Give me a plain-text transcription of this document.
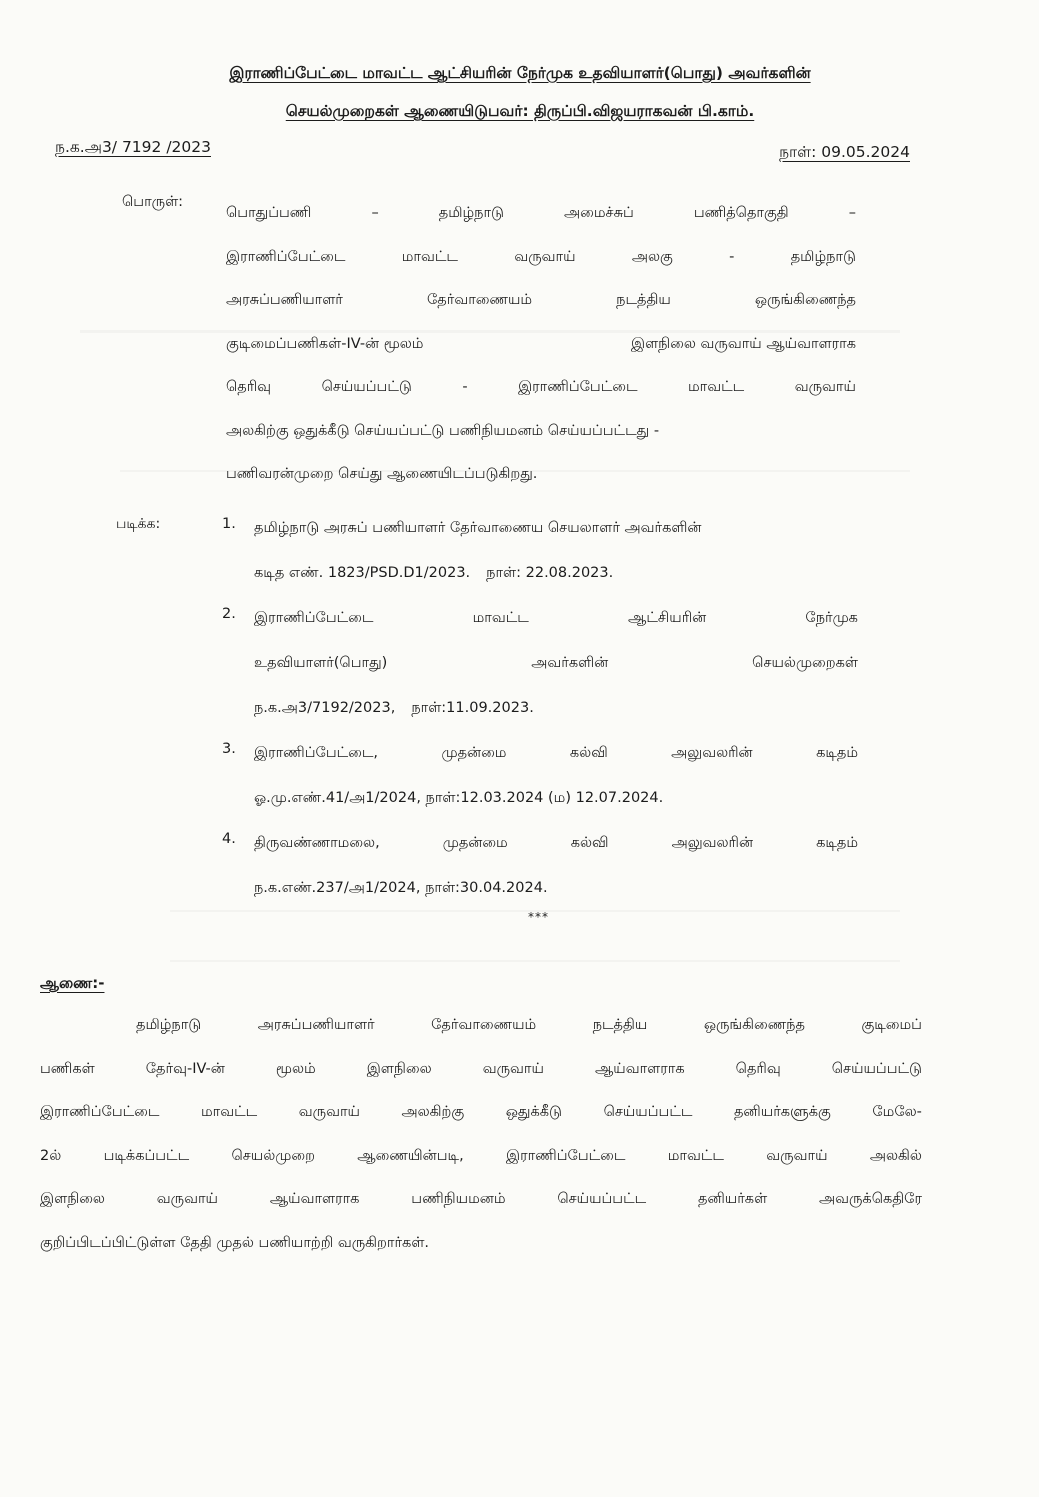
இராணிப்பேட்டை மாவட்ட ஆட்சியரின் நேர்முக உதவியாளர்(பொது) அவர்களின்
செயல்முறைகள் ஆணையிடுபவர்: திருப்பி.விஜயராகவன் பி.காம்.
ந.க.அ3/ 7192 /2023	நாள்: 09.05.2024
பொருள்:
பொதுப்பணி	–	தமிழ்நாடு	அமைச்சுப்	பணித்தொகுதி	–
இராணிப்பேட்டை	மாவட்ட	வருவாய்	அலகு	-	தமிழ்நாடு
அரசுப்பணியாளர்	தேர்வாணையம்	நடத்திய	ஒருங்கிணைந்த
குடிமைப்பணிகள்-IV-ன் மூலம்	இளநிலை வருவாய் ஆய்வாளராக
தெரிவு	செய்யப்பட்டு	-	இராணிப்பேட்டை	மாவட்ட	வருவாய்
அலகிற்கு ஒதுக்கீடு செய்யப்பட்டு பணிநியமனம் செய்யப்பட்டது -
பணிவரன்முறை செய்து ஆணையிடப்படுகிறது.
படிக்க:	1. தமிழ்நாடு அரசுப் பணியாளர் தேர்வாணைய செயலாளர் அவர்களின்
கடித எண். 1823/PSD.D1/2023. நாள்: 22.08.2023.
2. இராணிப்பேட்டை	மாவட்ட	ஆட்சியரின்	நேர்முக
உதவியாளர்(பொது)	அவர்களின்	செயல்முறைகள்
ந.க.அ3/7192/2023, நாள்:11.09.2023.
3. இராணிப்பேட்டை,	முதன்மை	கல்வி	அலுவலரின்	கடிதம்
ஓ.மு.எண்.41/அ1/2024, நாள்:12.03.2024 (ம) 12.07.2024.
4. திருவண்ணாமலை,	முதன்மை	கல்வி	அலுவலரின்	கடிதம்
ந.க.எண்.237/அ1/2024, நாள்:30.04.2024.
***
ஆணை:-
தமிழ்நாடு	அரசுப்பணியாளர்	தேர்வாணையம்	நடத்திய	ஒருங்கிணைந்த	குடிமைப்
பணிகள்	தேர்வு-IV-ன்	மூலம்	இளநிலை	வருவாய்	ஆய்வாளராக	தெரிவு	செய்யப்பட்டு
இராணிப்பேட்டை	மாவட்ட	வருவாய்	அலகிற்கு	ஒதுக்கீடு	செய்யப்பட்ட	தனியர்களுக்கு	மேலே-
2ல்	படிக்கப்பட்ட	செயல்முறை	ஆணையின்படி,	இராணிப்பேட்டை	மாவட்ட	வருவாய்	அலகில்
இளநிலை	வருவாய்	ஆய்வாளராக	பணிநியமனம்	செய்யப்பட்ட	தனியர்கள்	அவருக்கெதிரே
குறிப்பிடப்பிட்டுள்ள தேதி முதல் பணியாற்றி வருகிறார்கள்.
